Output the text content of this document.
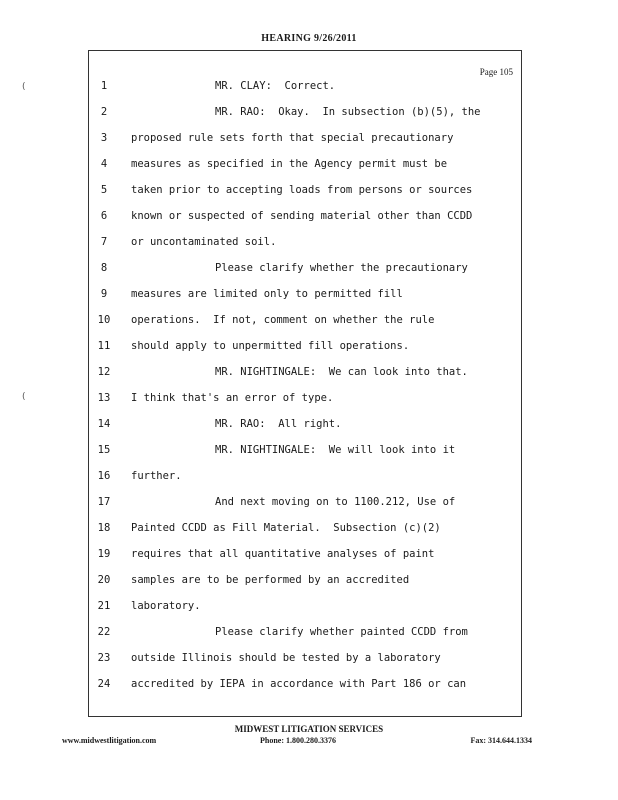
HEARING 9/26/2011
(
(
Page 105
1	MR. CLAY:  Correct.
2	MR. RAO:  Okay.  In subsection (b)(5), the
3	proposed rule sets forth that special precautionary
4	measures as specified in the Agency permit must be
5	taken prior to accepting loads from persons or sources
6	known or suspected of sending material other than CCDD
7	or uncontaminated soil.
8	Please clarify whether the precautionary
9	measures are limited only to permitted fill
10	operations.  If not, comment on whether the rule
11	should apply to unpermitted fill operations.
12	MR. NIGHTINGALE:  We can look into that.
13	I think that's an error of type.
14	MR. RAO:  All right.
15	MR. NIGHTINGALE:  We will look into it
16	further.
17	And next moving on to 1100.212, Use of
18	Painted CCDD as Fill Material.  Subsection (c)(2)
19	requires that all quantitative analyses of paint
20	samples are to be performed by an accredited
21	laboratory.
22	Please clarify whether painted CCDD from
23	outside Illinois should be tested by a laboratory
24	accredited by IEPA in accordance with Part 186 or can
MIDWEST LITIGATION SERVICES
www.midwestlitigation.com	Phone: 1.800.280.3376	Fax: 314.644.1334
